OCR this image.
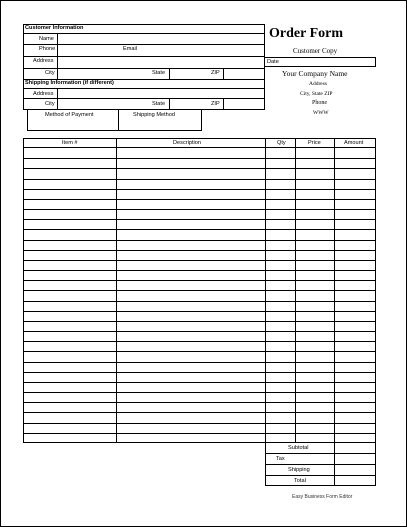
Customer Information
Name
Phone	Email
Address
City	State	ZIP
Shipping Information (if different)
Address
City	State	ZIP
Method of Payment	Shipping Method
Order Form
Customer Copy
Date
Your Company Name
Address
City, State ZIP
Phone
WWW
Item #	Description	Qty	Price	Amount
Subtotal
Tax
Shipping
Total
Easy Business Form Editor
